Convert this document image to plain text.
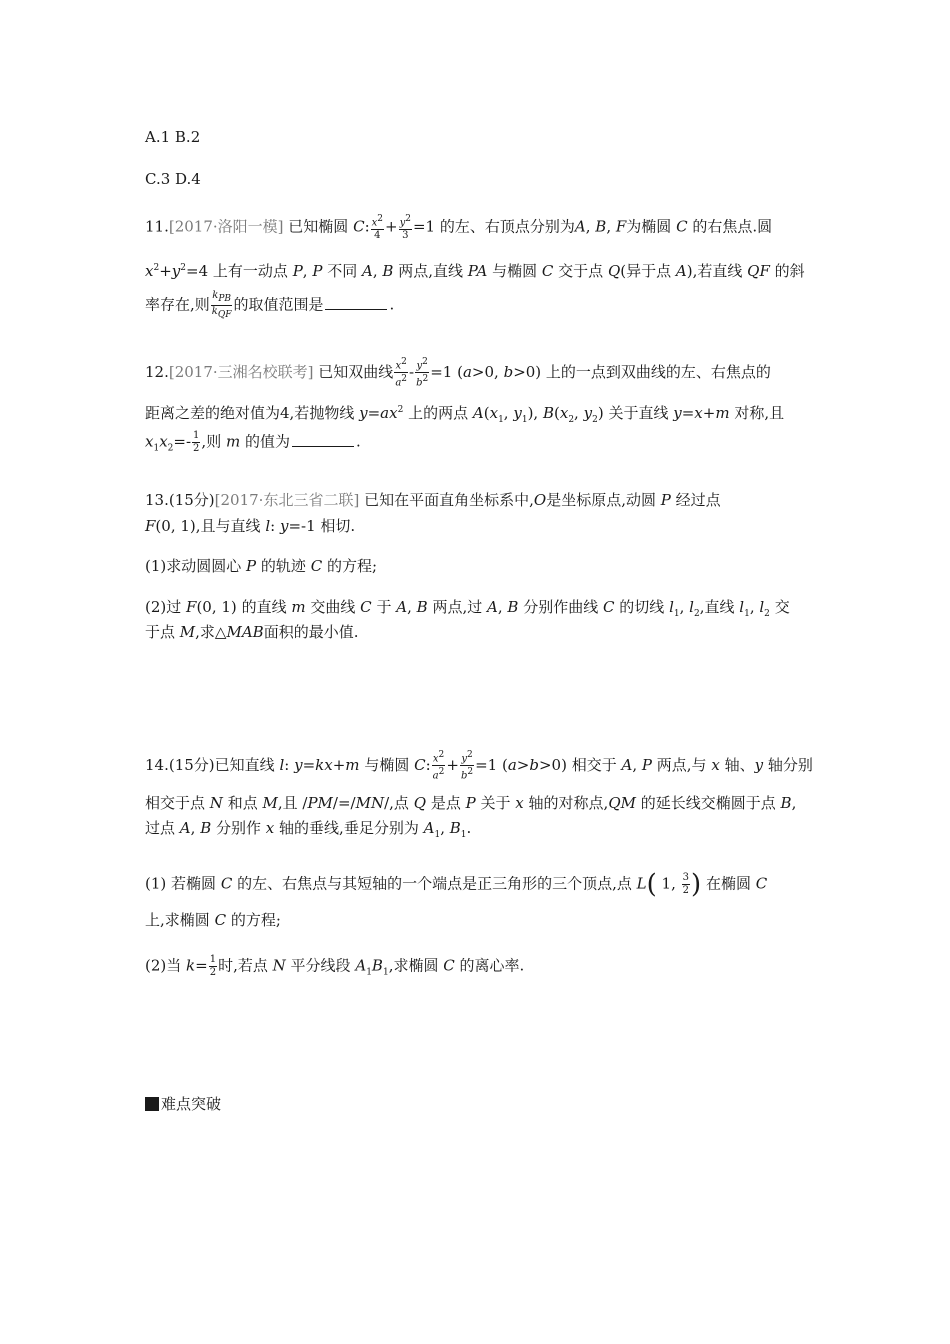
A.1 B.2
C.3 D.4
11.[2017·洛阳一模] 已知椭圆 C: $\frac{x^2}{4} + \frac{y^2}{3} =1$ 的左、右顶点分别为A, B, F为椭圆 C 的右焦点.圆
$x^2+y^2=4$ 上有一动点 P, P 不同 A, B 两点,直线 PA 与椭圆 C 交于点 Q(异于点 A),若直线 QF 的斜
率存在,则 $\frac{k_{PB}}{k_{QF}}$ 的取值范围是	.
12.[2017·三湘名校联考] 已知双曲线 $\frac{x^2}{a^2} - \frac{y^2}{b^2} =1$ (a>0, b>0) 上的一点到双曲线的左、右焦点的
距离之差的绝对值为4,若抛物线 $y=ax^2$ 上的两点 $A(x_1$, $y_1$), $B(x_2$, $y_2$) 关于直线 y=x+m 对称,且
$x_1x_2=- \frac{1}{2}$ ,则 m 的值为	.
13.(15分)[2017·东北三省二联] 已知在平面直角坐标系中,O是坐标原点,动圆 P 经过点
F(0, 1),且与直线 l: y=-1 相切.
(1)求动圆圆心 P 的轨迹 C 的方程;
(2)过 F(0, 1) 的直线 m 交曲线 C 于 A, B 两点,过 A, B 分别作曲线 C 的切线 $l_1$, $l_2$,直线 $l_1$, $l_2$ 交
于点 M,求△MAB面积的最小值.
14.(15分)已知直线 l: y=kx+m 与椭圆 C: $\frac{x^2}{a^2} + \frac{y^2}{b^2} =1$ (a>b>0) 相交于 A, P 两点,与 x 轴、y 轴分别
相交于点 N 和点 M,且 /PM/=/MN/,点 Q 是点 P 关于 x 轴的对称点,QM 的延长线交椭圆于点 B,
过点 A, B 分别作 x 轴的垂线,垂足分别为 $A_1$, $B_1$.
(1) 若椭圆 C 的左、右焦点与其短轴的一个端点是正三角形的三个顶点,点 L( 1, $\frac{3}{2}$ ) 在椭圆 C
上,求椭圆 C 的方程;
(2)当 $k= \frac{1}{2}$ 时,若点 N 平分线段 $A_1B_1$,求椭圆 C 的离心率.
难点突破
